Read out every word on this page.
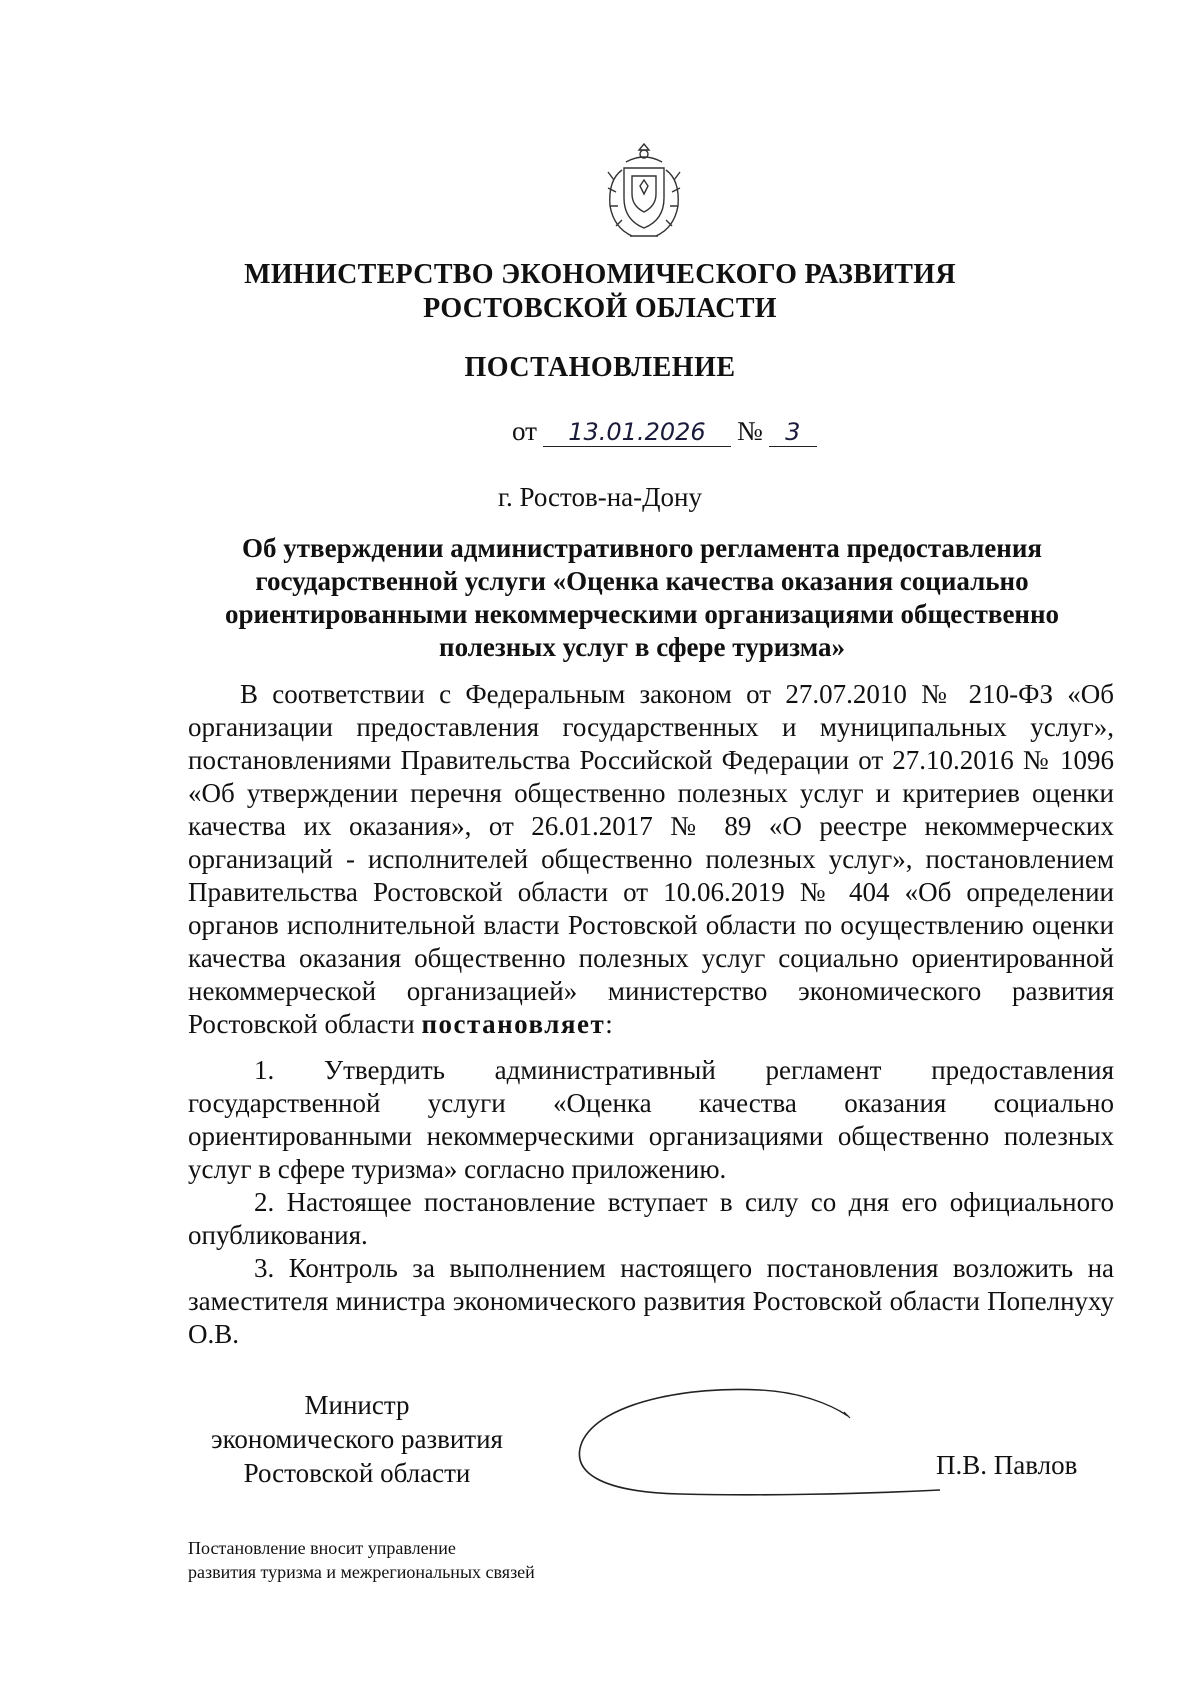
МИНИСТЕРСТВО ЭКОНОМИЧЕСКОГО РАЗВИТИЯ
РОСТОВСКОЙ ОБЛАСТИ
ПОСТАНОВЛЕНИЕ
от 13.01.2026 № 3
г. Ростов-на-Дону
Об утверждении административного регламента предоставления
государственной услуги «Оценка качества оказания социально
ориентированными некоммерческими организациями общественно
полезных услуг в сфере туризма»
В соответствии с Федеральным законом от 27.07.2010 № 210-ФЗ «Об организации предоставления государственных и муниципальных услуг», постановлениями Правительства Российской Федерации от 27.10.2016 № 1096 «Об утверждении перечня общественно полезных услуг и критериев оценки качества их оказания», от 26.01.2017 № 89 «О реестре некоммерческих организаций - исполнителей общественно полезных услуг», постановлением Правительства Ростовской области от 10.06.2019 № 404 «Об определении органов исполнительной власти Ростовской области по осуществлению оценки качества оказания общественно полезных услуг социально ориентированной некоммерческой организацией» министерство экономического развития Ростовской области постановляет:

1. Утвердить административный регламент предоставления государственной услуги «Оценка качества оказания социально ориентированными некоммерческими организациями общественно полезных услуг в сфере туризма» согласно приложению.

2. Настоящее постановление вступает в силу со дня его официального опубликования.

3. Контроль за выполнением настоящего постановления возложить на заместителя министра экономического развития Ростовской области Попелнуху О.В.

Министр
экономического развития
Ростовской области	П.В. Павлов
Постановление вносит управление
развития туризма и межрегиональных связей
